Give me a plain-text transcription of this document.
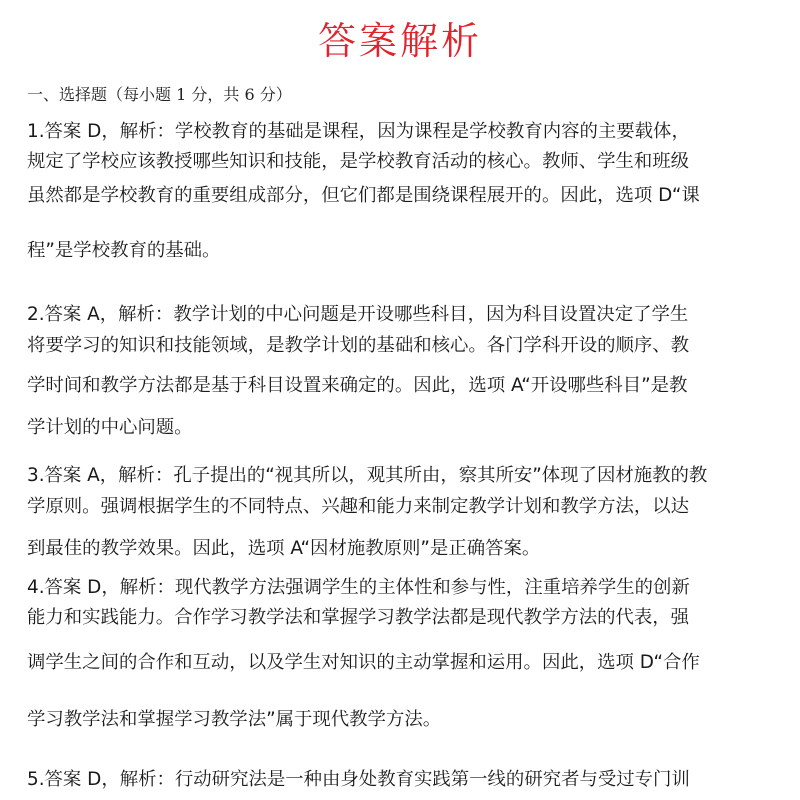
答案解析
一、选择题（每小题 1 分，共 6 分）
1.答案 D，解析：学校教育的基础是课程，因为课程是学校教育内容的主要载体，
规定了学校应该教授哪些知识和技能，是学校教育活动的核心。教师、学生和班级
虽然都是学校教育的重要组成部分，但它们都是围绕课程展开的。因此，选项 D“课
程”是学校教育的基础。
2.答案 A，解析：教学计划的中心问题是开设哪些科目，因为科目设置决定了学生
将要学习的知识和技能领域，是教学计划的基础和核心。各门学科开设的顺序、教
学时间和教学方法都是基于科目设置来确定的。因此，选项 A“开设哪些科目”是教
学计划的中心问题。
3.答案 A，解析：孔子提出的“视其所以，观其所由，察其所安”体现了因材施教的教
学原则。强调根据学生的不同特点、兴趣和能力来制定教学计划和教学方法，以达
到最佳的教学效果。因此，选项 A“因材施教原则”是正确答案。
4.答案 D，解析：现代教学方法强调学生的主体性和参与性，注重培养学生的创新
能力和实践能力。合作学习教学法和掌握学习教学法都是现代教学方法的代表，强
调学生之间的合作和互动，以及学生对知识的主动掌握和运用。因此，选项 D“合作
学习教学法和掌握学习教学法”属于现代教学方法。
5.答案 D，解析：行动研究法是一种由身处教育实践第一线的研究者与受过专门训
